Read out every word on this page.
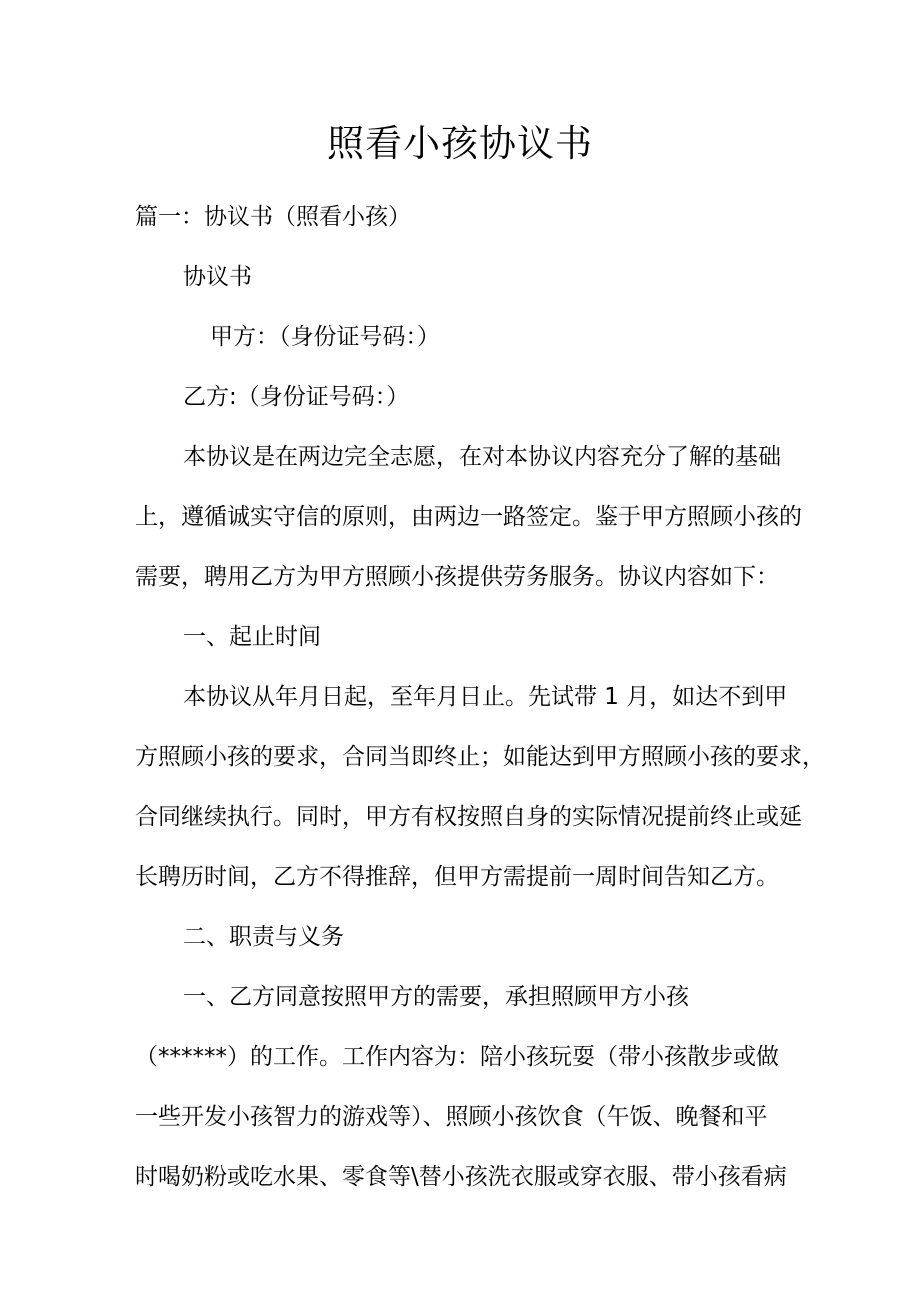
照看小孩协议书
篇一：协议书（照看小孩）
协议书
甲方：（身份证号码：）
乙方:（身份证号码：）
本协议是在两边完全志愿，在对本协议内容充分了解的基础
上，遵循诚实守信的原则，由两边一路签定。鉴于甲方照顾小孩的
需要，聘用乙方为甲方照顾小孩提供劳务服务。协议内容如下：
一、起止时间
本协议从年月日起，至年月日止。先试带 1 月，如达不到甲
方照顾小孩的要求，合同当即终止；如能达到甲方照顾小孩的要求，
合同继续执行。同时，甲方有权按照自身的实际情况提前终止或延
长聘历时间，乙方不得推辞，但甲方需提前一周时间告知乙方。
二、职责与义务
一、乙方同意按照甲方的需要，承担照顾甲方小孩
（******）的工作。工作内容为：陪小孩玩耍（带小孩散步或做
一些开发小孩智力的游戏等）、照顾小孩饮食（午饭、晚餐和平
时喝奶粉或吃水果、零食等\替小孩洗衣服或穿衣服、带小孩看病
